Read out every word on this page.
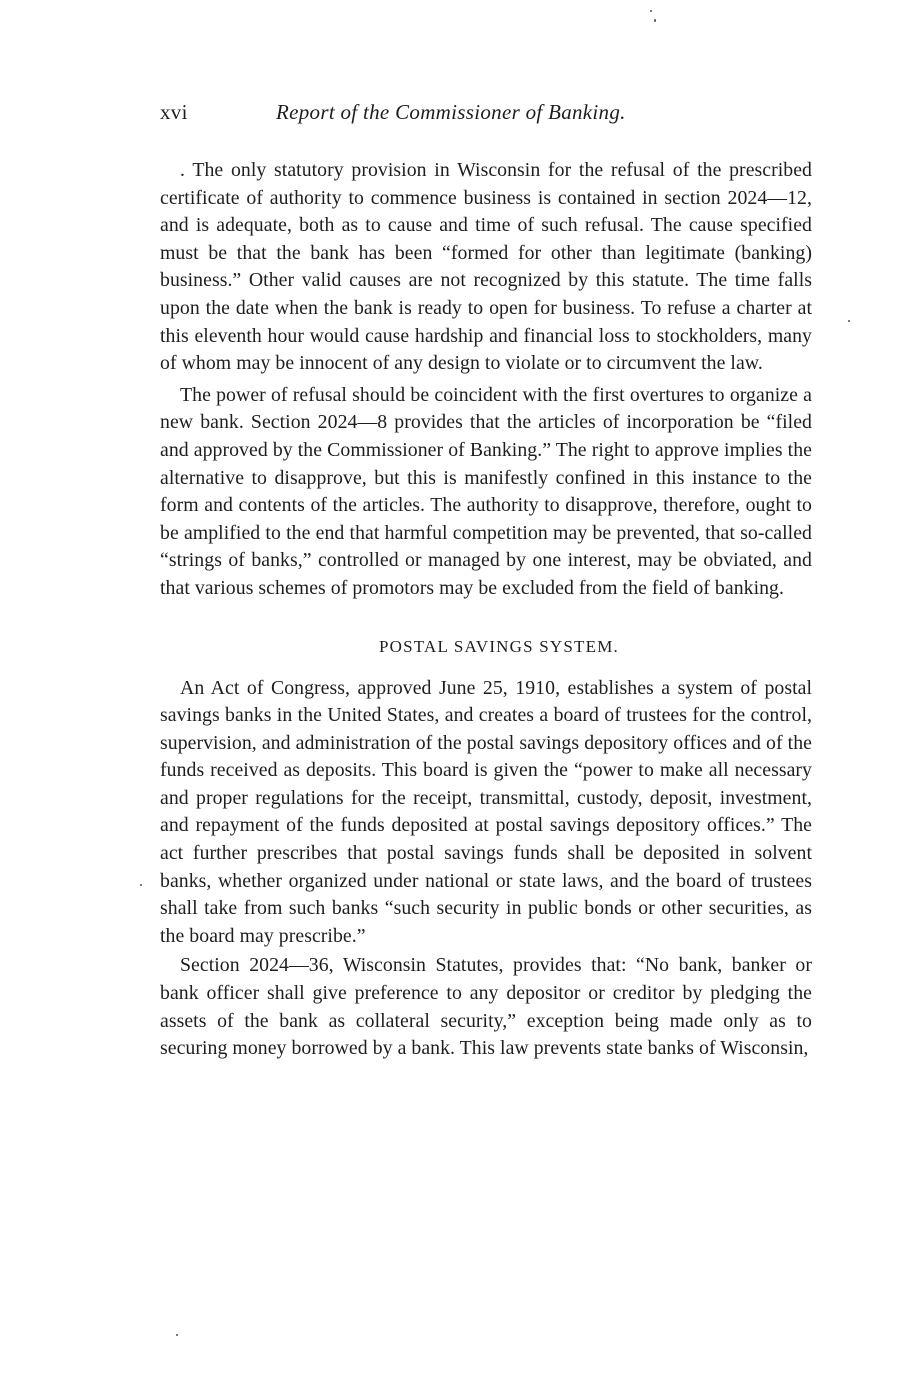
xvi	Report of the Commissioner of Banking.

. The only statutory provision in Wisconsin for the refusal of the prescribed certificate of authority to commence business is contained in section 2024—12, and is adequate, both as to cause and time of such refusal. The cause specified must be that the bank has been “formed for other than legitimate (banking) business.” Other valid causes are not recognized by this statute. The time falls upon the date when the bank is ready to open for business. To refuse a charter at this eleventh hour would cause hardship and financial loss to stockholders, many of whom may be innocent of any design to violate or to circumvent the law.

The power of refusal should be coincident with the first overtures to organize a new bank. Section 2024—8 provides that the articles of incorporation be “filed and approved by the Commissioner of Banking.” The right to approve implies the alternative to disapprove, but this is manifestly confined in this instance to the form and contents of the articles. The authority to disapprove, therefore, ought to be amplified to the end that harmful competition may be prevented, that so-called “strings of banks,” controlled or managed by one interest, may be obviated, and that various schemes of promotors may be excluded from the field of banking.

POSTAL SAVINGS SYSTEM.

An Act of Congress, approved June 25, 1910, establishes a system of postal savings banks in the United States, and creates a board of trustees for the control, supervision, and administration of the postal savings depository offices and of the funds received as deposits. This board is given the “power to make all necessary and proper regulations for the receipt, transmittal, custody, deposit, investment, and repayment of the funds deposited at postal savings depository offices.” The act further prescribes that postal savings funds shall be deposited in solvent banks, whether organized under national or state laws, and the board of trustees shall take from such banks “such security in public bonds or other securities, as the board may prescribe.”

Section 2024—36, Wisconsin Statutes, provides that: “No bank, banker or bank officer shall give preference to any depositor or creditor by pledging the assets of the bank as collateral security,” exception being made only as to securing money borrowed by a bank. This law prevents state banks of Wisconsin,
